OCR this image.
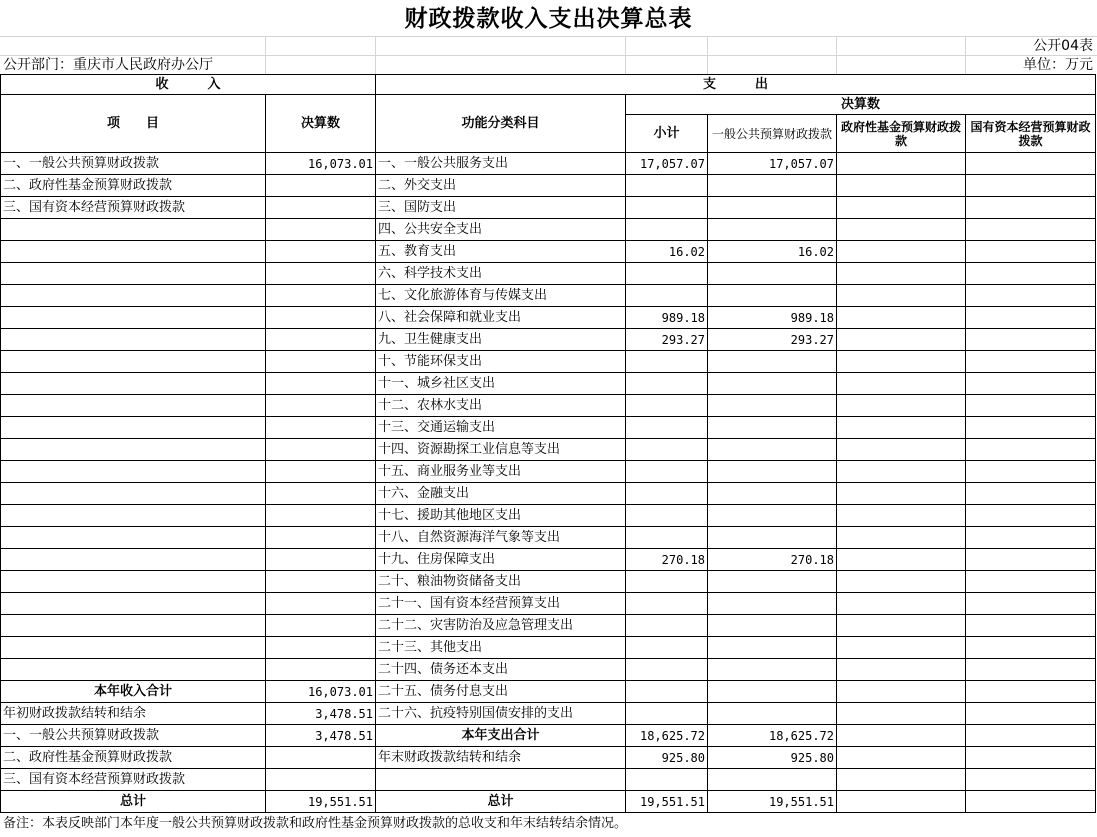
财政拨款收入支出决算总表
公开04表
公开部门：重庆市人民政府办公厅	单位：万元
收　　　入		支　　　出				
项　　目	决算数	功能分类科目	决算数			
			小计	一般公共预算财政拨款	政府性基金预算财政拨款	国有资本经营预算财政拨款
一、一般公共预算财政拨款	16,073.01	一、一般公共服务支出	17,057.07	17,057.07		
二、政府性基金预算财政拨款		二、外交支出				
三、国有资本经营预算财政拨款		三、国防支出				
		四、公共安全支出				
		五、教育支出	16.02	16.02		
		六、科学技术支出				
		七、文化旅游体育与传媒支出				
		八、社会保障和就业支出	989.18	989.18		
		九、卫生健康支出	293.27	293.27		
		十、节能环保支出				
		十一、城乡社区支出				
		十二、农林水支出				
		十三、交通运输支出				
		十四、资源勘探工业信息等支出				
		十五、商业服务业等支出				
		十六、金融支出				
		十七、援助其他地区支出				
		十八、自然资源海洋气象等支出				
		十九、住房保障支出	270.18	270.18		
		二十、粮油物资储备支出				
		二十一、国有资本经营预算支出				
		二十二、灾害防治及应急管理支出				
		二十三、其他支出				
		二十四、债务还本支出				
本年收入合计	16,073.01	二十五、债务付息支出				
年初财政拨款结转和结余	3,478.51	二十六、抗疫特别国债安排的支出				
一、一般公共预算财政拨款	3,478.51	本年支出合计	18,625.72	18,625.72		
二、政府性基金预算财政拨款		年末财政拨款结转和结余	925.80	925.80		
三、国有资本经营预算财政拨款						
总计	19,551.51	总计	19,551.51	19,551.51		
备注：本表反映部门本年度一般公共预算财政拨款和政府性基金预算财政拨款的总收支和年末结转结余情况。
